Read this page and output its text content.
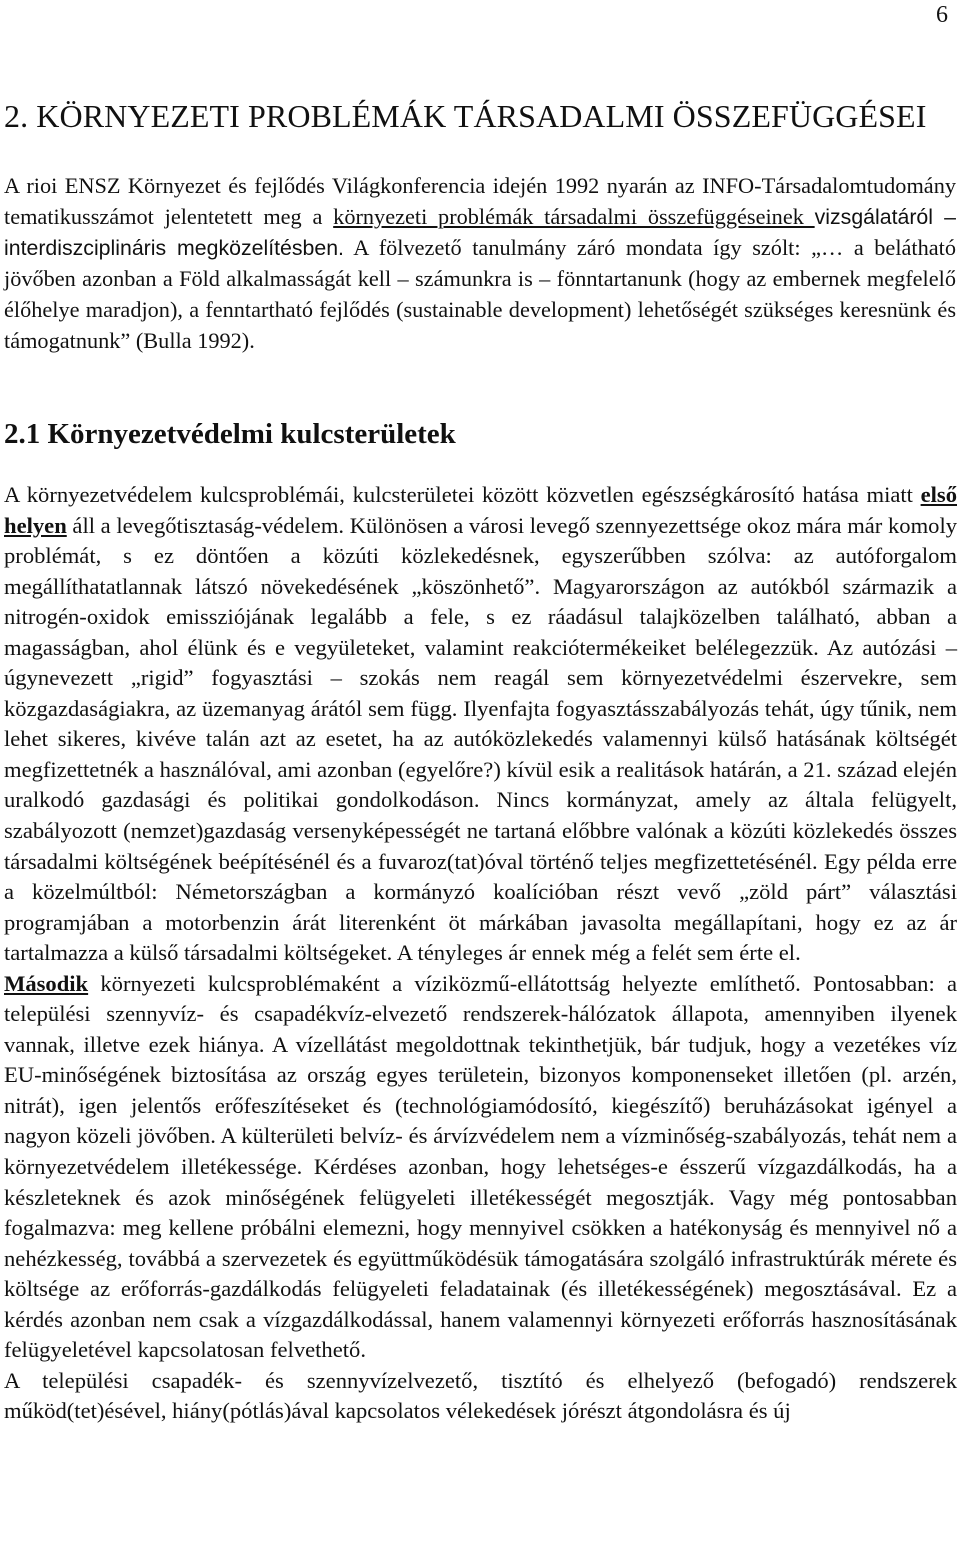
6
2. KÖRNYEZETI PROBLÉMÁK TÁRSADALMI ÖSSZEFÜGGÉSEI

A rioi ENSZ Környezet és fejlődés Világkonferencia idején 1992 nyarán az INFO-Társadalomtudomány tematikusszámot jelentetett meg a környezeti problémák társadalmi összefüggéseinek vizsgálatáról – interdiszciplináris megközelítésben. A fölvezető tanulmány záró mondata így szólt: „… a belátható jövőben azonban a Föld alkalmasságát kell – számunkra is – fönntartanunk (hogy az embernek megfelelő élőhelye maradjon), a fenntartható fejlődés (sustainable development) lehetőségét szükséges keresnünk és támogatnunk” (Bulla 1992).

2.1 Környezetvédelmi kulcsterületek

A környezetvédelem kulcsproblémái, kulcsterületei között közvetlen egészségkárosító hatása miatt első helyen áll a levegőtisztaság-védelem. Különösen a városi levegő szennyezettsége okoz mára már komoly problémát, s ez döntően a közúti közlekedésnek, egyszerűbben szólva: az autóforgalom megállíthatatlannak látszó növekedésének „köszönhető”. Magyarországon az autókból származik a nitrogén-oxidok emissziójának legalább a fele, s ez ráadásul talajközelben található, abban a magasságban, ahol élünk és e vegyületeket, valamint reakciótermékeiket belélegezzük. Az autózási – úgynevezett „rigid” fogyasztási – szokás nem reagál sem környezetvédelmi észervekre, sem közgazdaságiakra, az üzemanyag árától sem függ. Ilyenfajta fogyasztásszabályozás tehát, úgy tűnik, nem lehet sikeres, kivéve talán azt az esetet, ha az autóközlekedés valamennyi külső hatásának költségét megfizettetnék a használóval, ami azonban (egyelőre?) kívül esik a realitások határán, a 21. század elején uralkodó gazdasági és politikai gondolkodáson. Nincs kormányzat, amely az általa felügyelt, szabályozott (nemzet)gazdaság versenyképességét ne tartaná előbbre valónak a közúti közlekedés összes társadalmi költségének beépítésénél és a fuvaroz(tat)óval történő teljes megfizettetésénél. Egy példa erre a közelmúltból: Németországban a kormányzó koalícióban részt vevő „zöld párt” választási programjában a motorbenzin árát literenként öt márkában javasolta megállapítani, hogy ez az ár tartalmazza a külső társadalmi költségeket. A tényleges ár ennek még a felét sem érte el.

Második környezeti kulcsproblémaként a víziközmű-ellátottság helyezte említhető. Pontosabban: a települési szennyvíz- és csapadékvíz-elvezető rendszerek-hálózatok állapota, amennyiben ilyenek vannak, illetve ezek hiánya. A vízellátást megoldottnak tekinthetjük, bár tudjuk, hogy a vezetékes víz EU-minőségének biztosítása az ország egyes területein, bizonyos komponenseket illetően (pl. arzén, nitrát), igen jelentős erőfeszítéseket és (technológiamódosító, kiegészítő) beruházásokat igényel a nagyon közeli jövőben. A külterületi belvíz- és árvízvédelem nem a vízminőség-szabályozás, tehát nem a környezetvédelem illetékessége. Kérdéses azonban, hogy lehetséges-e ésszerű vízgazdálkodás, ha a készleteknek és azok minőségének felügyeleti illetékességét megosztják. Vagy még pontosabban fogalmazva: meg kellene próbálni elemezni, hogy mennyivel csökken a hatékonyság és mennyivel nő a nehézkesség, továbbá a szervezetek és együttműködésük támogatására szolgáló infrastruktúrák mérete és költsége az erőforrás-gazdálkodás felügyeleti feladatainak (és illetékességének) megosztásával. Ez a kérdés azonban nem csak a vízgazdálkodással, hanem valamennyi környezeti erőforrás hasznosításának felügyeletével kapcsolatosan felvethető.

A települési csapadék- és szennyvízelvezető, tisztító és elhelyező (befogadó) rendszerek működ(tet)ésével, hiány(pótlás)ával kapcsolatos vélekedések jórészt átgondolásra és új
